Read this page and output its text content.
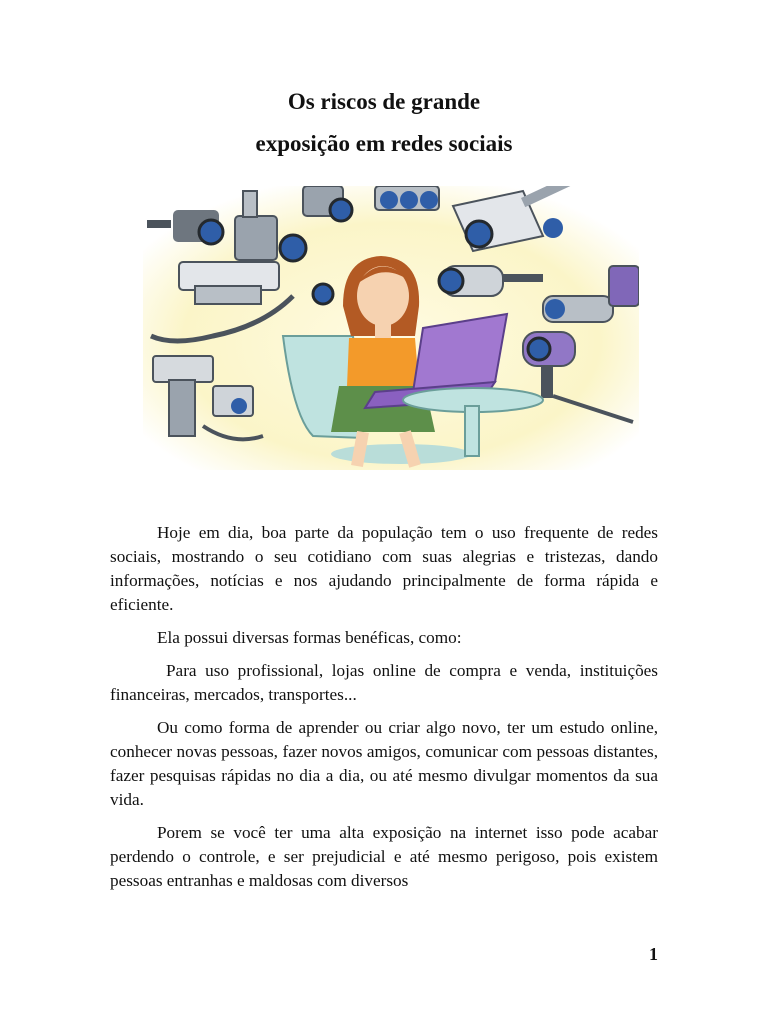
Os riscos de grande
exposição em redes sociais

Hoje em dia, boa parte da população tem o uso frequente de redes sociais, mostrando o seu cotidiano com suas alegrias e tristezas, dando informações, notícias e nos ajudando principalmente de forma rápida e eficiente.

Ela possui diversas formas benéficas, como:

Para uso profissional, lojas online de compra e venda, instituições financeiras, mercados, transportes...

Ou como forma de aprender ou criar algo novo, ter um estudo online, conhecer novas pessoas, fazer novos amigos, comunicar com pessoas distantes, fazer pesquisas rápidas no dia a dia, ou até mesmo divulgar momentos da sua vida.

Porem se você ter uma alta exposição na internet isso pode acabar perdendo o controle, e ser prejudicial e até mesmo perigoso, pois existem pessoas entranhas e maldosas com diversos

1
